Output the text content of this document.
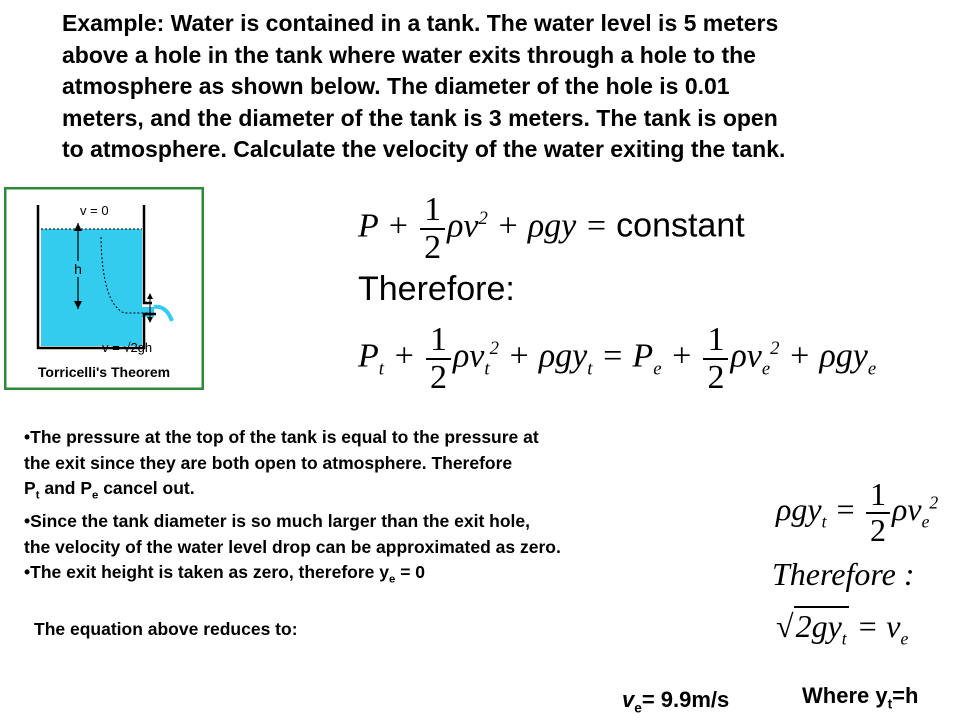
Example: Water is contained in a tank. The water level is 5 meters
above a hole in the tank where water exits through a hole to the
atmosphere as shown below. The diameter of the hole is 0.01
meters, and the diameter of the tank is 3 meters. The tank is open
to atmosphere. Calculate the velocity of the water exiting the tank.
h
v = 0
v = √2gh
Torricelli's Theorem
$P + \frac{1}{2} \rho v^2 + \rho gy$ = constant
Therefore:
$P_t + \frac{1}{2} \rho v_t^2 + \rho gy_t = P_e + \frac{1}{2} \rho v_e^2 + \rho gy_e$
•The pressure at the top of the tank is equal to the pressure at
the exit since they are both open to atmosphere. Therefore
$P_t$ and $P_e$ cancel out.
•Since the tank diameter is so much larger than the exit hole,
the velocity of the water level drop can be approximated as zero.
•The exit height is taken as zero, therefore $y_e = 0$
$\rho gy_t = \frac{1}{2} \rho v_e^2$
Therefore :
$√2gy_t = v_e$
The equation above reduces to:
$v_e= 9.9m/s$	Where $y_t=h$
